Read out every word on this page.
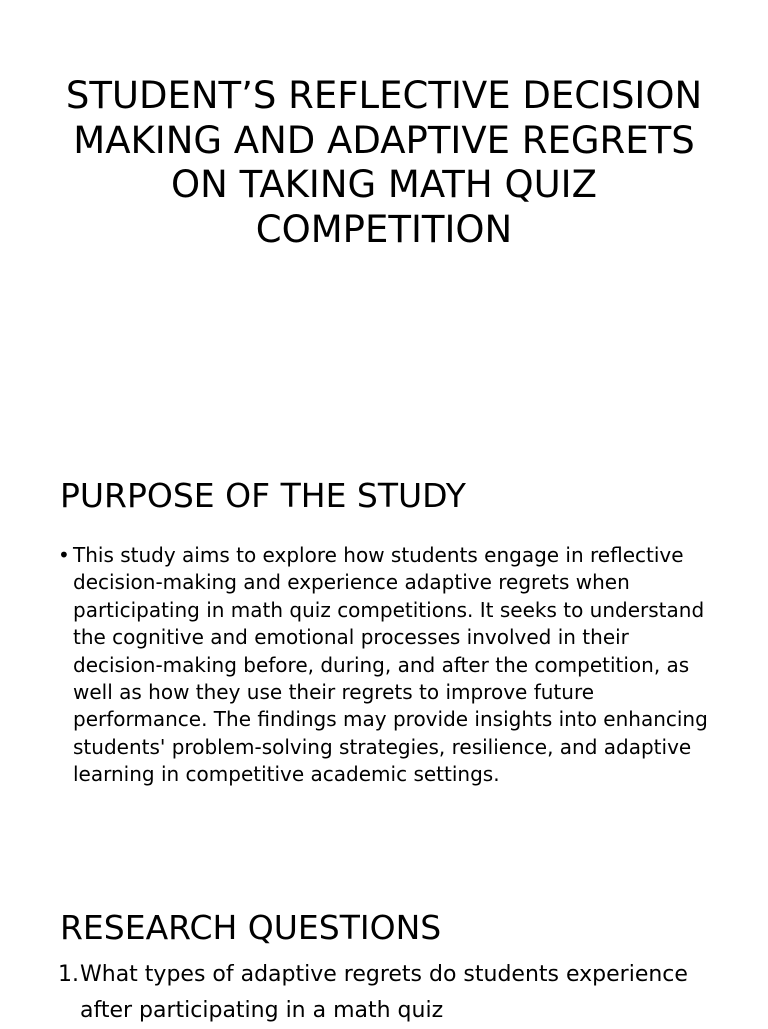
STUDENT’S REFLECTIVE DECISION MAKING AND ADAPTIVE REGRETS ON TAKING MATH QUIZ COMPETITION
PURPOSE OF THE STUDY
• This study aims to explore how students engage in reflective decision-making and experience adaptive regrets when participating in math quiz competitions. It seeks to understand the cognitive and emotional processes involved in their decision-making before, during, and after the competition, as well as how they use their regrets to improve future performance. The findings may provide insights into enhancing students' problem-solving strategies, resilience, and adaptive learning in competitive academic settings.
RESEARCH QUESTIONS
1. What types of adaptive regrets do students experience after participating in a math quiz
